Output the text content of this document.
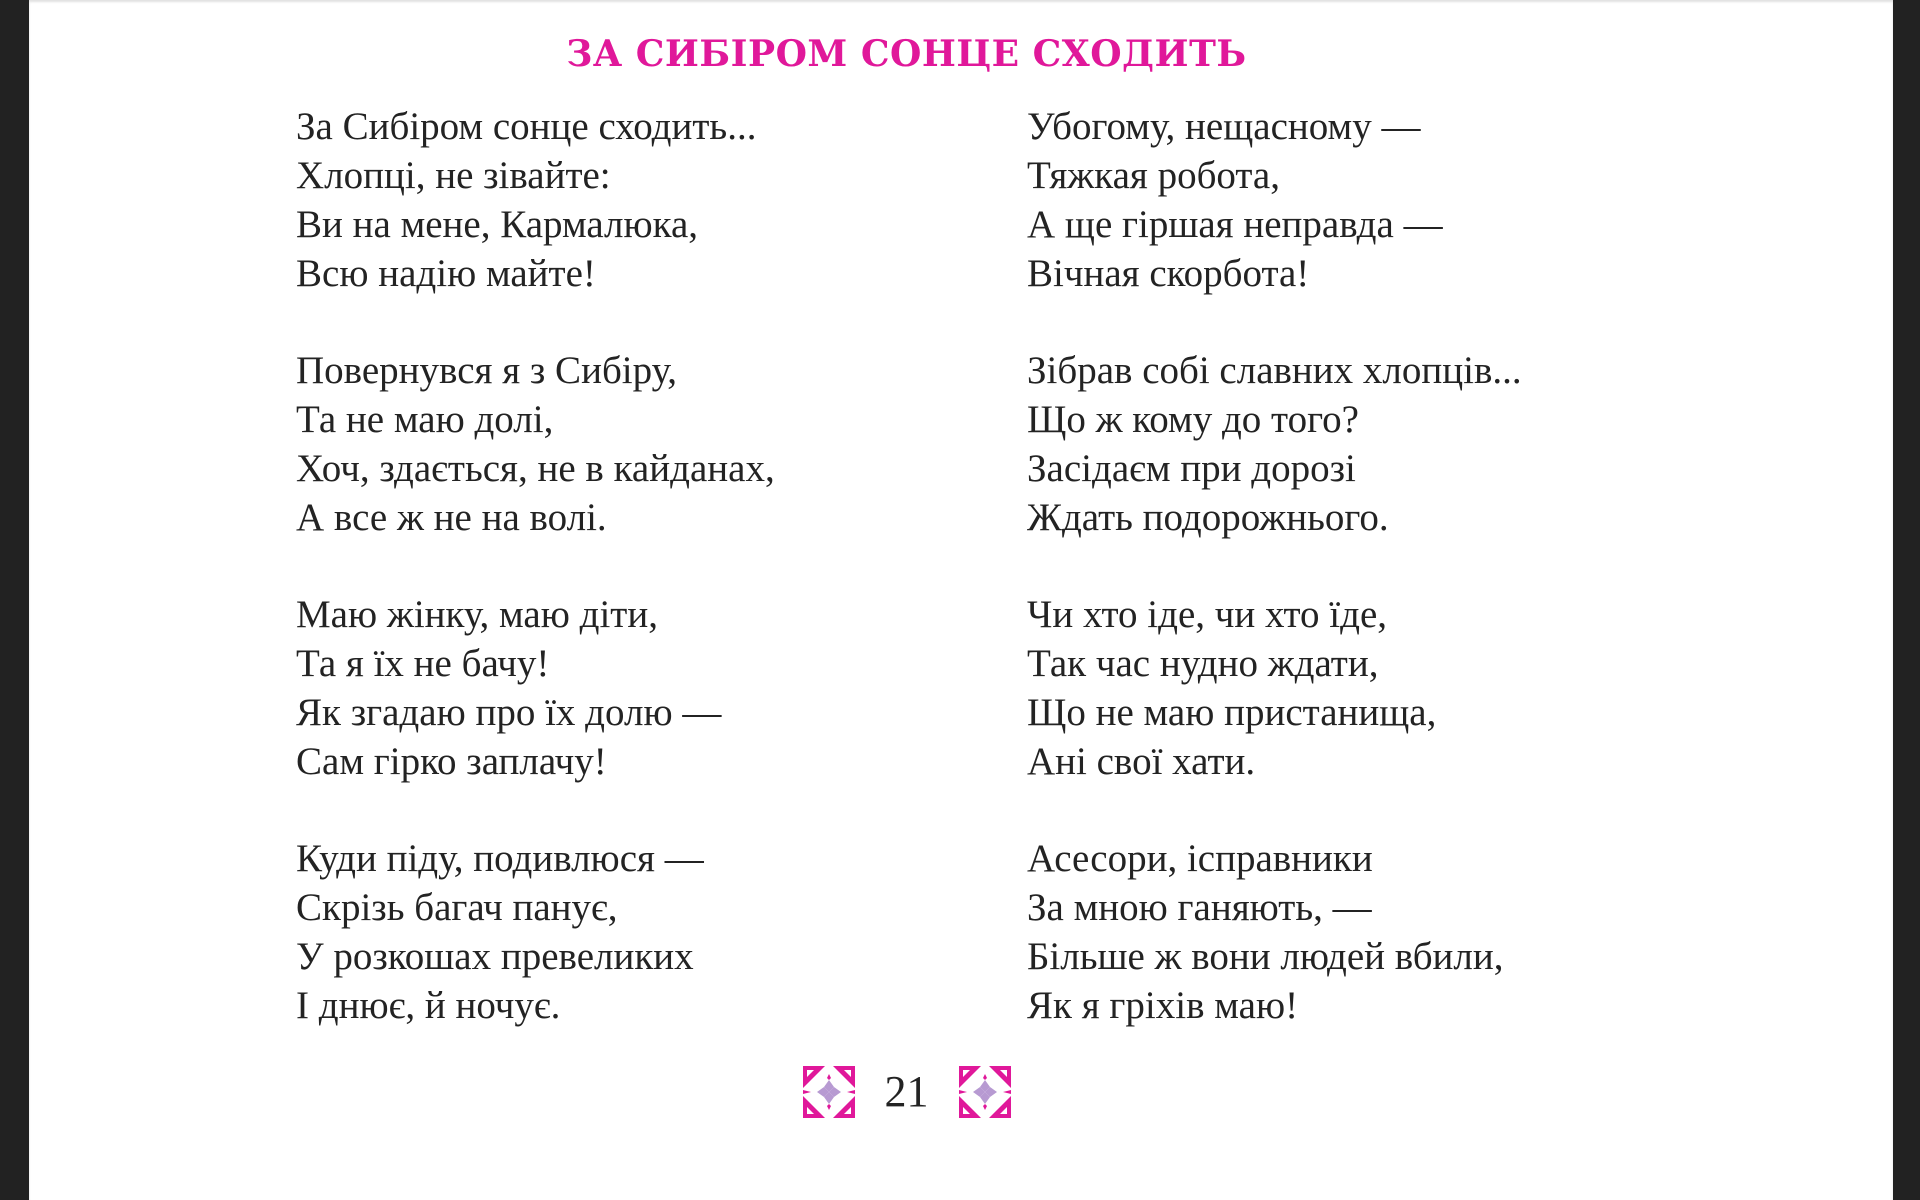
ЗА СИБІРОМ СОНЦЕ СХОДИТЬ
За Сибіром сонце сходить...
Хлопці, не зівайте:
Ви на мене, Кармалюка,
Всю надію майте!
Повернувся я з Сибіру,
Та не маю долі,
Хоч, здається, не в кайданах,
А все ж не на волі.
Маю жінку, маю діти,
Та я їх не бачу!
Як згадаю про їх долю —
Сам гірко заплачу!
Куди піду, подивлюся —
Скрізь багач панує,
У розкошах превеликих
І днює, й ночує.
Убогому, нещасному —
Тяжкая робота,
А ще гіршая неправда —
Вічная скорбота!
Зібрав собі славних хлопців...
Що ж кому до того?
Засідаєм при дорозі
Ждать подорожнього.
Чи хто іде, чи хто їде,
Так час нудно ждати,
Що не маю пристанища,
Ані свої хати.
Асесори, ісправники
За мною ганяють, —
Більше ж вони людей вбили,
Як я гріхів маю!
21
